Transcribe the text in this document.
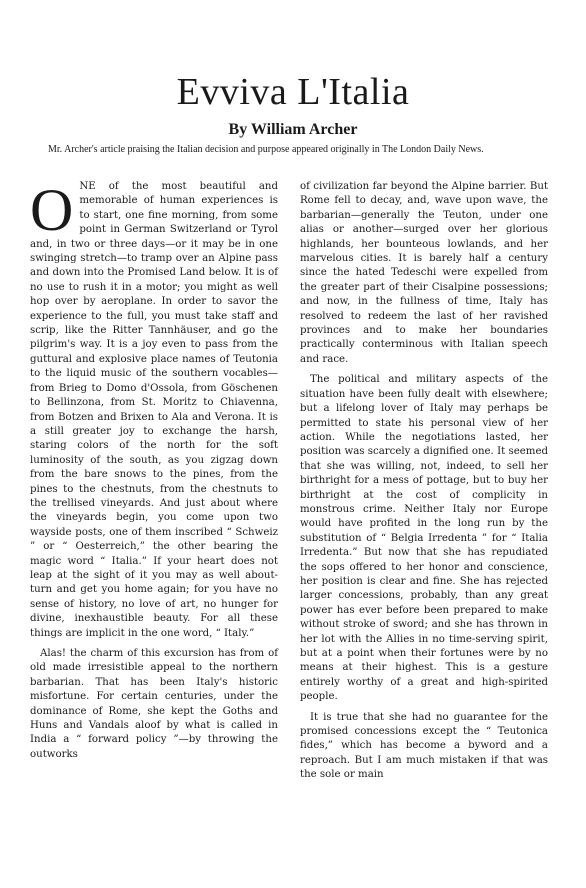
Evviva L'Italia
By William Archer

Mr. Archer's article praising the Italian decision and purpose appeared originally in The London Daily News.

O NE of the most beautiful and memorable of human experiences is to start, one fine morning, from some point in German Switzerland or Tyrol and, in two or three days—or it may be in one swinging stretch—to tramp over an Alpine pass and down into the Promised Land below. It is of no use to rush it in a motor; you might as well hop over by aeroplane. In order to savor the experience to the full, you must take staff and scrip, like the Ritter Tannhäuser, and go the pilgrim's way. It is a joy even to pass from the guttural and explosive place names of Teutonia to the liquid music of the southern vocables—from Brieg to Domo d'Ossola, from Göschenen to Bellinzona, from St. Moritz to Chiavenna, from Botzen and Brixen to Ala and Verona. It is a still greater joy to exchange the harsh, staring colors of the north for the soft luminosity of the south, as you zigzag down from the bare snows to the pines, from the pines to the chestnuts, from the chestnuts to the trellised vineyards. And just about where the vineyards begin, you come upon two wayside posts, one of them inscribed “ Schweiz ” or “ Oesterreich,” the other bearing the magic word “ Italia.” If your heart does not leap at the sight of it you may as well about-turn and get you home again; for you have no sense of history, no love of art, no hunger for divine, inexhaustible beauty. For all these things are implicit in the one word, “ Italy.”

Alas! the charm of this excursion has from of old made irresistible appeal to the northern barbarian. That has been Italy's historic misfortune. For certain centuries, under the dominance of Rome, she kept the Goths and Huns and Vandals aloof by what is called in India a “ forward policy ”—by throwing the outworks

of civilization far beyond the Alpine barrier. But Rome fell to decay, and, wave upon wave, the barbarian—generally the Teuton, under one alias or another—surged over her glorious highlands, her bounteous lowlands, and her marvelous cities. It is barely half a century since the hated Tedeschi were expelled from the greater part of their Cisalpine possessions; and now, in the fullness of time, Italy has resolved to redeem the last of her ravished provinces and to make her boundaries practically conterminous with Italian speech and race.

The political and military aspects of the situation have been fully dealt with elsewhere; but a lifelong lover of Italy may perhaps be permitted to state his personal view of her action. While the negotiations lasted, her position was scarcely a dignified one. It seemed that she was willing, not, indeed, to sell her birthright for a mess of pottage, but to buy her birthright at the cost of complicity in monstrous crime. Neither Italy nor Europe would have profited in the long run by the substitution of “ Belgia Irredenta ” for “ Italia Irredenta.” But now that she has repudiated the sops offered to her honor and conscience, her position is clear and fine. She has rejected larger concessions, probably, than any great power has ever before been prepared to make without stroke of sword; and she has thrown in her lot with the Allies in no time-serving spirit, but at a point when their fortunes were by no means at their highest. This is a gesture entirely worthy of a great and high-spirited people.

It is true that she had no guarantee for the promised concessions except the “ Teutonica fides,” which has become a byword and a reproach. But I am much mistaken if that was the sole or main
